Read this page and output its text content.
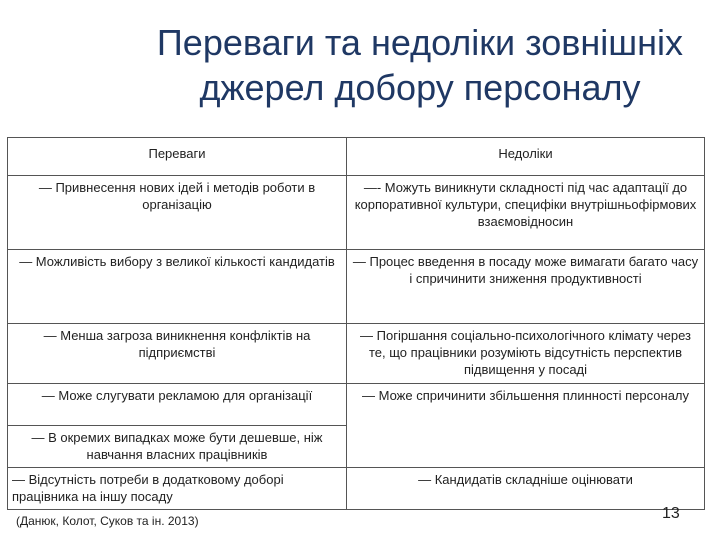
Переваги та недоліки зовнішніх
джерел добору персоналу
Переваги	Недоліки
— Привнесення нових ідей і методів роботи в організацію	—- Можуть виникнути складності під час адаптації до корпоративної культури, специфіки внутрішньофірмових взаємовідносин
— Можливість вибору з великої кількості кандидатів	— Процес введення в посаду може вимагати багато часу і спричинити зниження продуктивності
— Менша загроза виникнення конфліктів на підприємстві	— Погіршання соціально-психологічного клімату через те, що працівники розуміють відсутність перспектив підвищення у посаді
— Може слугувати рекламою для організації	— Може спричинити збільшення плинності персоналу
— В окремих випадках може бути дешевше, ніж навчання власних працівників	
— Відсутність потреби в додатковому доборі працівника на іншу посаду	— Кандидатів складніше оцінювати
(Данюк, Колот, Суков та ін. 2013)	13
